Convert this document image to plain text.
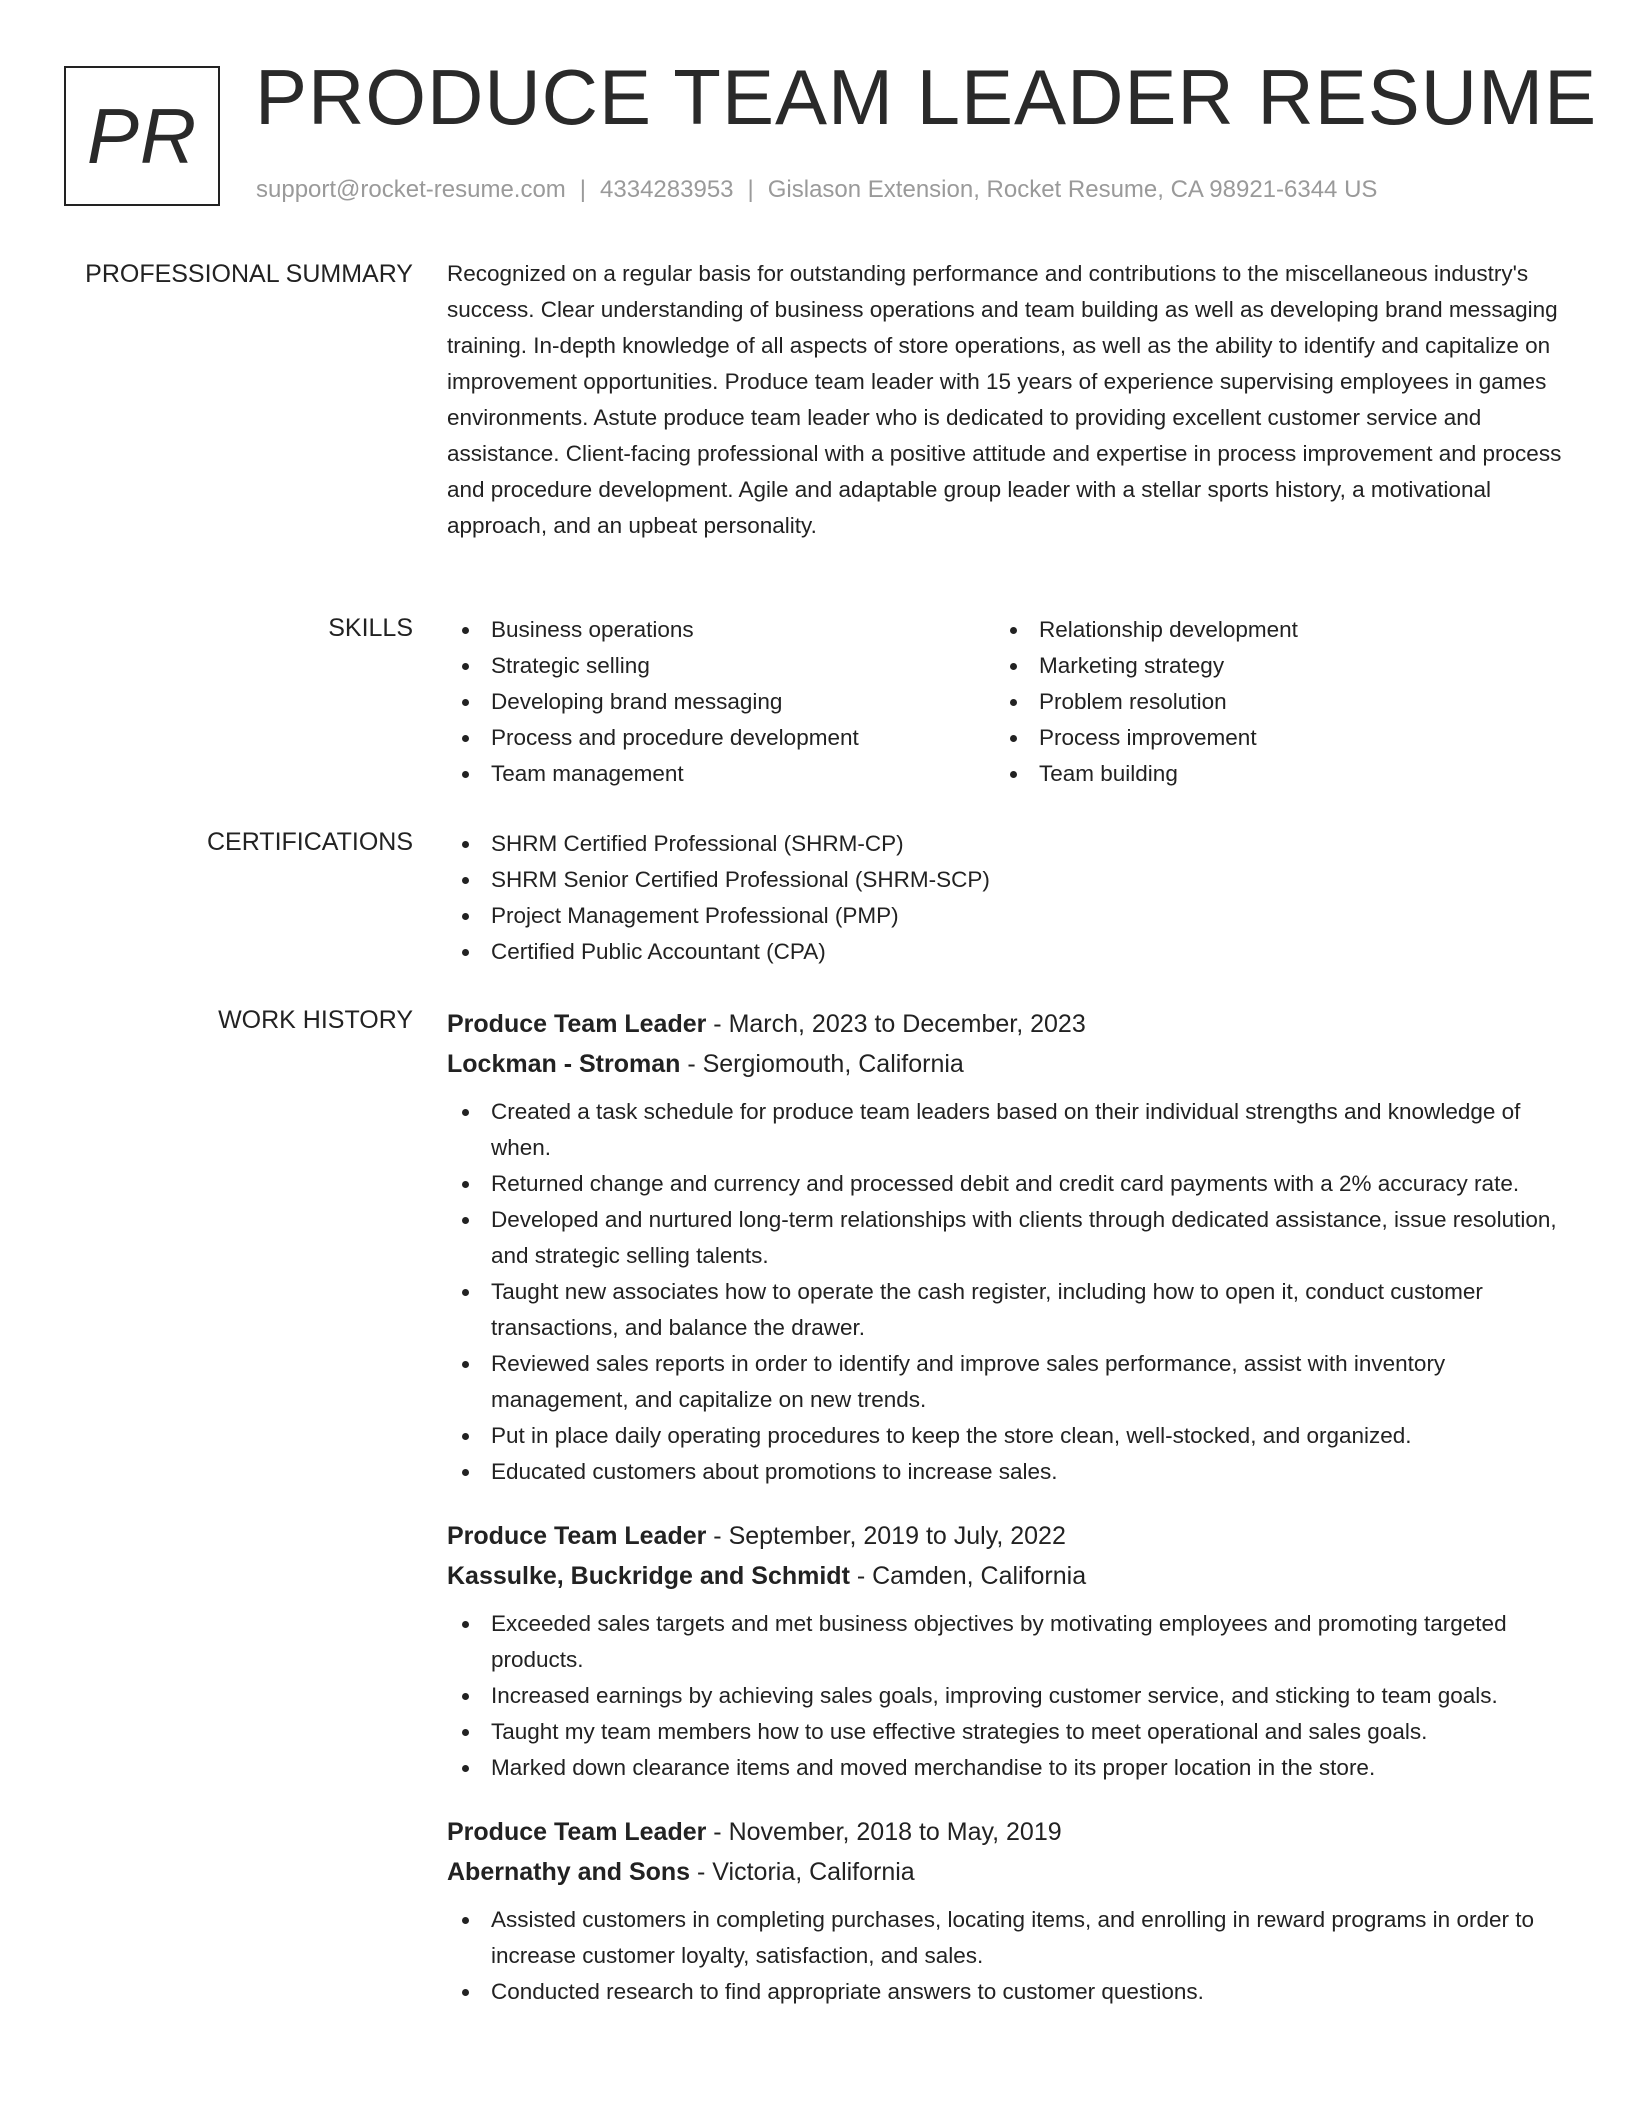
PR PRODUCE TEAM LEADER RESUME
support@rocket-resume.com | 4334283953 | Gislason Extension, Rocket Resume, CA 98921-6344 US
PROFESSIONAL SUMMARY Recognized on a regular basis for outstanding performance and contributions to the miscellaneous industry's success. Clear understanding of business operations and team building as well as developing brand messaging training. In-depth knowledge of all aspects of store operations, as well as the ability to identify and capitalize on improvement opportunities. Produce team leader with 15 years of experience supervising employees in games environments. Astute produce team leader who is dedicated to providing excellent customer service and assistance. Client-facing professional with a positive attitude and expertise in process improvement and process and procedure development. Agile and adaptable group leader with a stellar sports history, a motivational approach, and an upbeat personality.

SKILLS	Business operations
Strategic selling
Developing brand messaging
Process and procedure development
Team management
Relationship development
Marketing strategy
Problem resolution
Process improvement
Team building
CERTIFICATIONS	SHRM Certified Professional (SHRM-CP)
SHRM Senior Certified Professional (SHRM-SCP)
Project Management Professional (PMP)
Certified Public Accountant (CPA)
WORK HISTORY Produce Team Leader - March, 2023 to December, 2023
Lockman - Stroman - Sergiomouth, California
Created a task schedule for produce team leaders based on their individual strengths and knowledge of when.
Returned change and currency and processed debit and credit card payments with a 2% accuracy rate.
Developed and nurtured long-term relationships with clients through dedicated assistance, issue resolution, and strategic selling talents.
Taught new associates how to operate the cash register, including how to open it, conduct customer transactions, and balance the drawer.
Reviewed sales reports in order to identify and improve sales performance, assist with inventory management, and capitalize on new trends.
Put in place daily operating procedures to keep the store clean, well-stocked, and organized.
Educated customers about promotions to increase sales.
Produce Team Leader - September, 2019 to July, 2022
Kassulke, Buckridge and Schmidt - Camden, California
Exceeded sales targets and met business objectives by motivating employees and promoting targeted products.
Increased earnings by achieving sales goals, improving customer service, and sticking to team goals.
Taught my team members how to use effective strategies to meet operational and sales goals.
Marked down clearance items and moved merchandise to its proper location in the store.
Produce Team Leader - November, 2018 to May, 2019
Abernathy and Sons - Victoria, California
Assisted customers in completing purchases, locating items, and enrolling in reward programs in order to increase customer loyalty, satisfaction, and sales.
Conducted research to find appropriate answers to customer questions.
